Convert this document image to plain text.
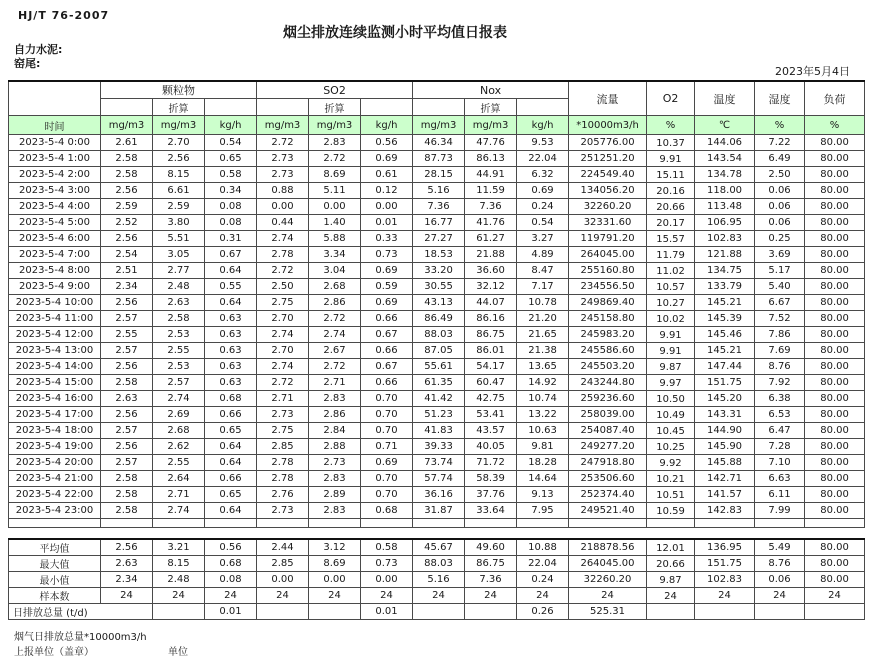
HJ/T 76-2007
烟尘排放连续监测小时平均值日报表
自力水泥:
窑尾:
2023年5月4日
	颗粒物			SO2			Nox			流量	O2	温度	湿度	负荷
		折算			折算			折算						
时间	mg/m3	mg/m3	kg/h	mg/m3	mg/m3	kg/h	mg/m3	mg/m3	kg/h	*10000m3/h	%	℃	%	%
2023-5-4 0:00	2.61	2.70	0.54	2.72	2.83	0.56	46.34	47.76	9.53	205776.00	10.37	144.06	7.22	80.00
2023-5-4 1:00	2.58	2.56	0.65	2.73	2.72	0.69	87.73	86.13	22.04	251251.20	9.91	143.54	6.49	80.00
2023-5-4 2:00	2.58	8.15	0.58	2.73	8.69	0.61	28.15	44.91	6.32	224549.40	15.11	134.78	2.50	80.00
2023-5-4 3:00	2.56	6.61	0.34	0.88	5.11	0.12	5.16	11.59	0.69	134056.20	20.16	118.00	0.06	80.00
2023-5-4 4:00	2.59	2.59	0.08	0.00	0.00	0.00	7.36	7.36	0.24	32260.20	20.66	113.48	0.06	80.00
2023-5-4 5:00	2.52	3.80	0.08	0.44	1.40	0.01	16.77	41.76	0.54	32331.60	20.17	106.95	0.06	80.00
2023-5-4 6:00	2.56	5.51	0.31	2.74	5.88	0.33	27.27	61.27	3.27	119791.20	15.57	102.83	0.25	80.00
2023-5-4 7:00	2.54	3.05	0.67	2.78	3.34	0.73	18.53	21.88	4.89	264045.00	11.79	121.88	3.69	80.00
2023-5-4 8:00	2.51	2.77	0.64	2.72	3.04	0.69	33.20	36.60	8.47	255160.80	11.02	134.75	5.17	80.00
2023-5-4 9:00	2.34	2.48	0.55	2.50	2.68	0.59	30.55	32.12	7.17	234556.50	10.57	133.79	5.40	80.00
2023-5-4 10:00	2.56	2.63	0.64	2.75	2.86	0.69	43.13	44.07	10.78	249869.40	10.27	145.21	6.67	80.00
2023-5-4 11:00	2.57	2.58	0.63	2.70	2.72	0.66	86.49	86.16	21.20	245158.80	10.02	145.39	7.52	80.00
2023-5-4 12:00	2.55	2.53	0.63	2.74	2.74	0.67	88.03	86.75	21.65	245983.20	9.91	145.46	7.86	80.00
2023-5-4 13:00	2.57	2.55	0.63	2.70	2.67	0.66	87.05	86.01	21.38	245586.60	9.91	145.21	7.69	80.00
2023-5-4 14:00	2.56	2.53	0.63	2.74	2.72	0.67	55.61	54.17	13.65	245503.20	9.87	147.44	8.76	80.00
2023-5-4 15:00	2.58	2.57	0.63	2.72	2.71	0.66	61.35	60.47	14.92	243244.80	9.97	151.75	7.92	80.00
2023-5-4 16:00	2.63	2.74	0.68	2.71	2.83	0.70	41.42	42.75	10.74	259236.60	10.50	145.20	6.38	80.00
2023-5-4 17:00	2.56	2.69	0.66	2.73	2.86	0.70	51.23	53.41	13.22	258039.00	10.49	143.31	6.53	80.00
2023-5-4 18:00	2.57	2.68	0.65	2.75	2.84	0.70	41.83	43.57	10.63	254087.40	10.45	144.90	6.47	80.00
2023-5-4 19:00	2.56	2.62	0.64	2.85	2.88	0.71	39.33	40.05	9.81	249277.20	10.25	145.90	7.28	80.00
2023-5-4 20:00	2.57	2.55	0.64	2.78	2.73	0.69	73.74	71.72	18.28	247918.80	9.92	145.88	7.10	80.00
2023-5-4 21:00	2.58	2.64	0.66	2.78	2.83	0.70	57.74	58.39	14.64	253506.60	10.21	142.71	6.63	80.00
2023-5-4 22:00	2.58	2.71	0.65	2.76	2.89	0.70	36.16	37.76	9.13	252374.40	10.51	141.57	6.11	80.00
2023-5-4 23:00	2.58	2.74	0.64	2.73	2.83	0.68	31.87	33.64	7.95	249521.40	10.59	142.83	7.99	80.00

平均值	2.56	3.21	0.56	2.44	3.12	0.58	45.67	49.60	10.88	218878.56	12.01	136.95	5.49	80.00
最大值	2.63	8.15	0.68	2.85	8.69	0.73	88.03	86.75	22.04	264045.00	20.66	151.75	8.76	80.00
最小值	2.34	2.48	0.08	0.00	0.00	0.00	5.16	7.36	0.24	32260.20	9.87	102.83	0.06	80.00
样本数	24	24	24	24	24	24	24	24	24	24	24	24	24	24
日排放总量 (t/d)			0.01			0.01			0.26	525.31				
烟气日排放总量*10000m3/h
上报单位（盖章）	单位
